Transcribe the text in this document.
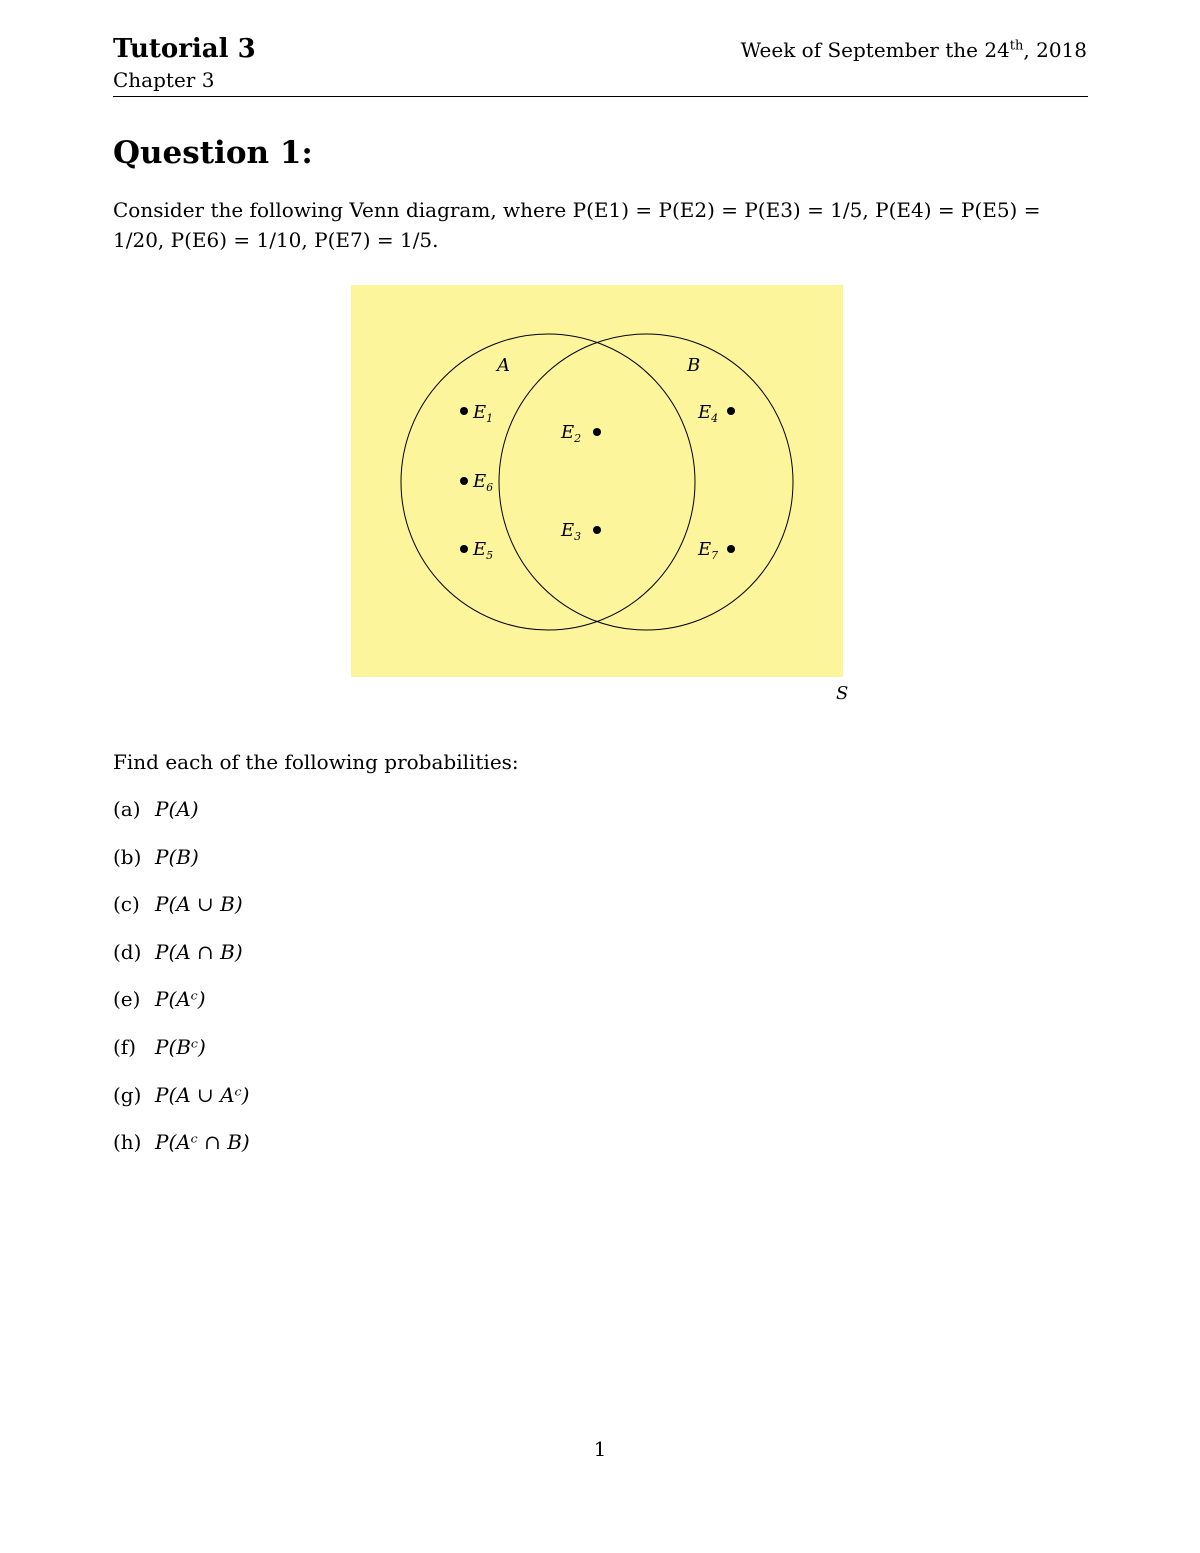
Tutorial 3
Chapter 3
Week of September the 24th, 2018
Question 1:
Consider the following Venn diagram, where P(E1) = P(E2) = P(E3) = 1/5, P(E4) = P(E5) =
1/20, P(E6) = 1/10, P(E7) = 1/5.
A	B
$E_1$
$E_2$
$E_4$
$E_6$
$E_3$
$E_5$	$E_7$
S
Find each of the following probabilities:
(a) P(A)
(b) P(B)
(c) P(A ∪ B)
(d) P(A ∩ B)
(e) P(Aᶜ)
(f) P(Bᶜ)
(g) P(A ∪ Aᶜ)
(h) P(Aᶜ ∩ B)
1
